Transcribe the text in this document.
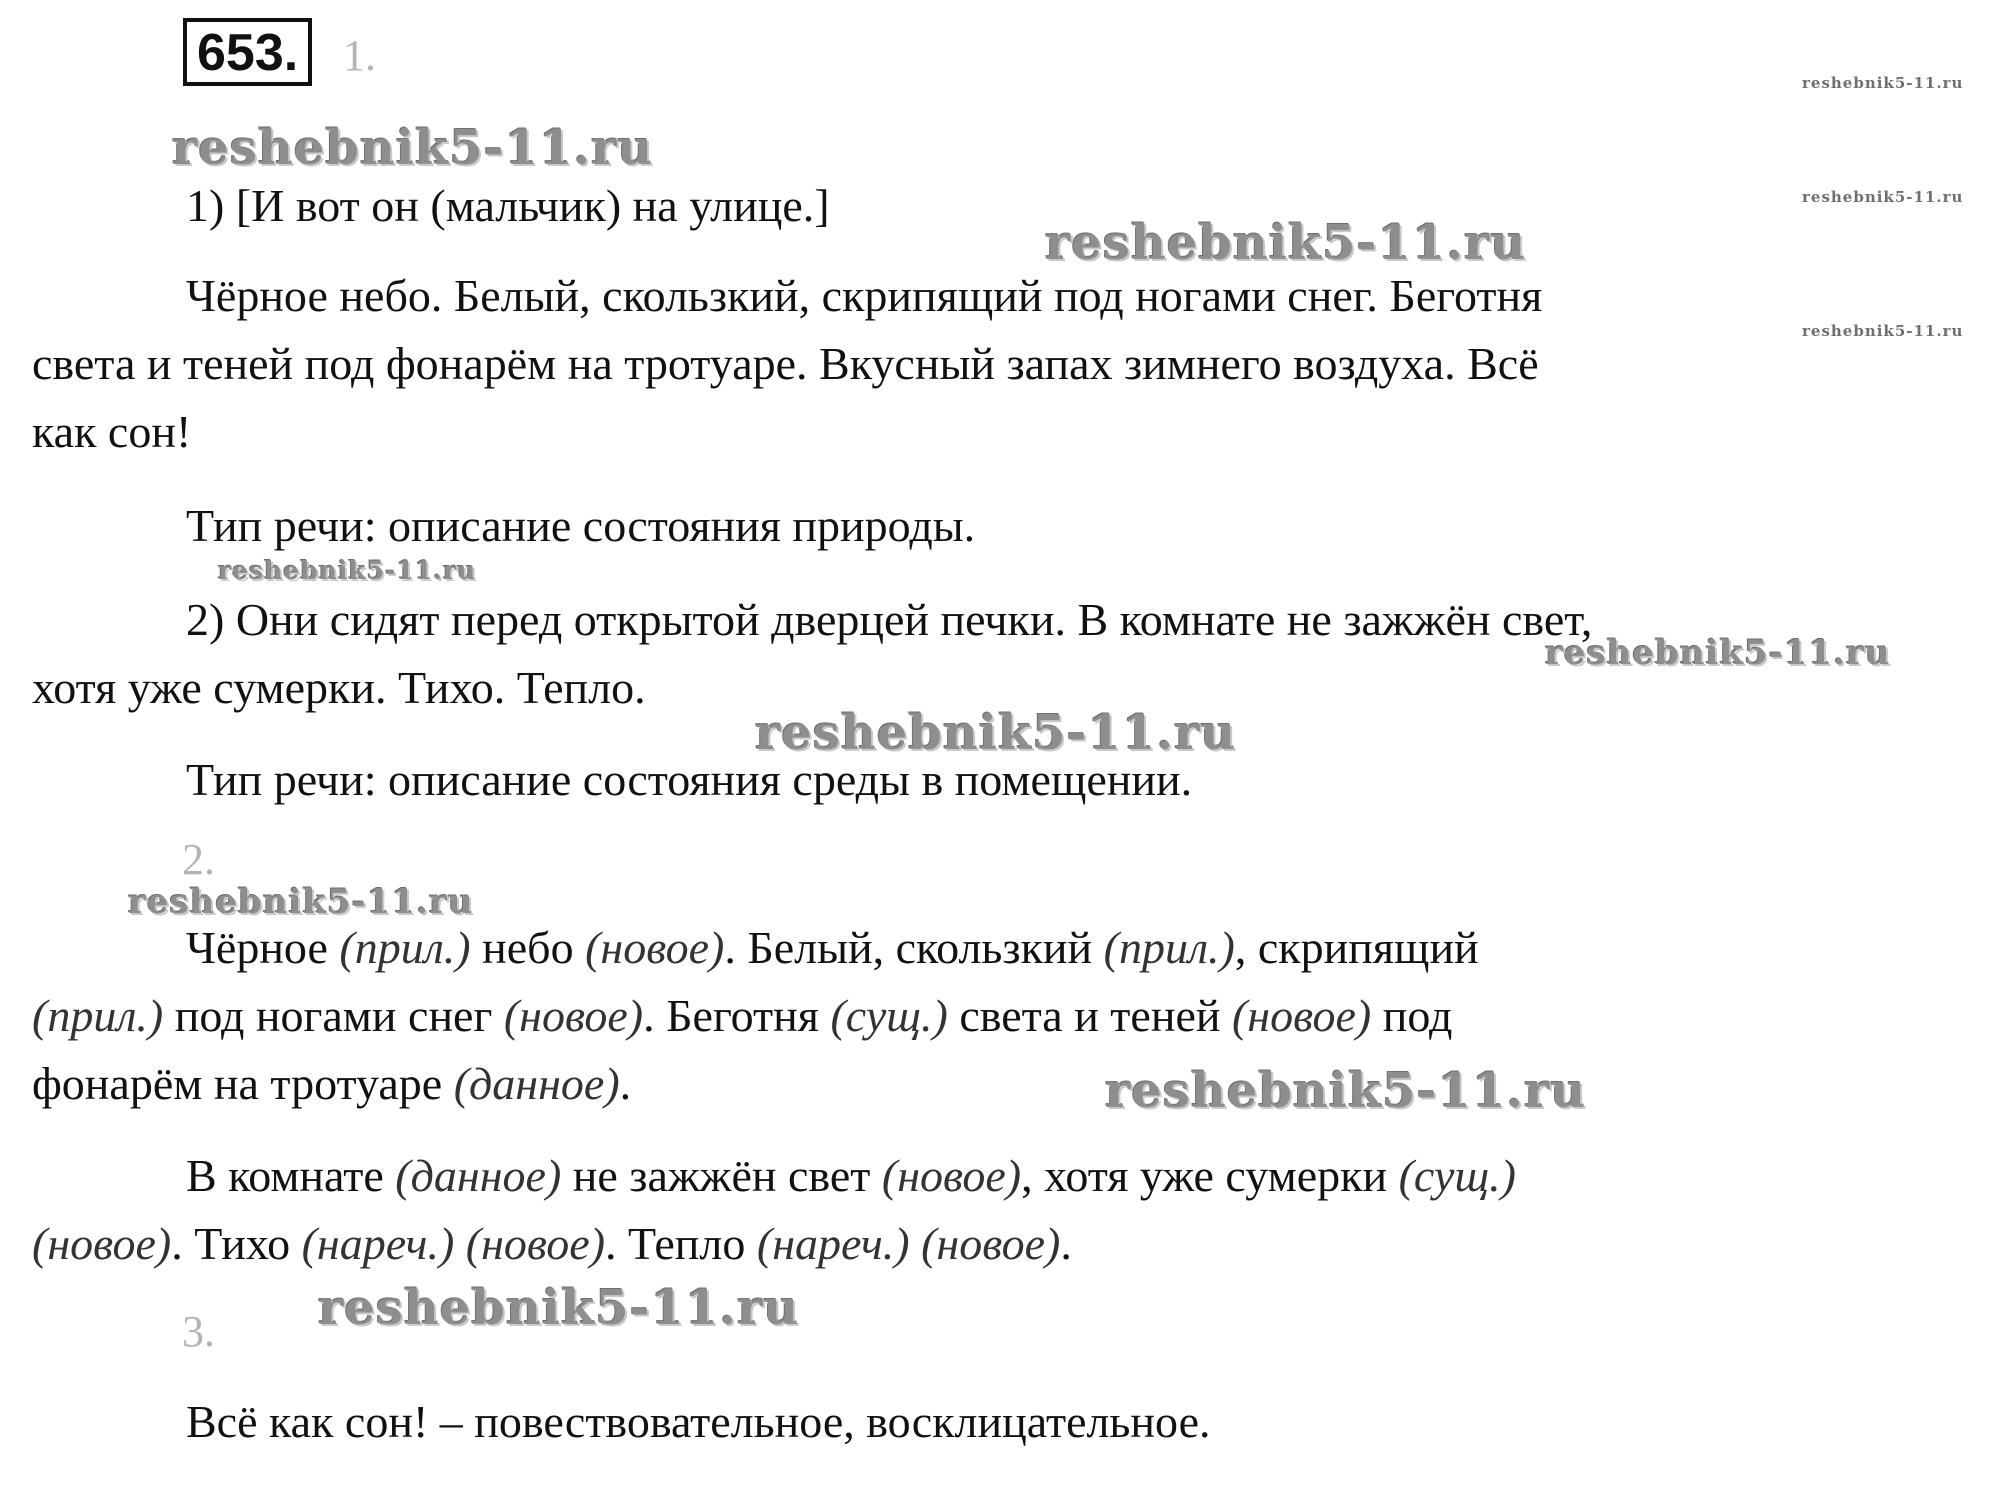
653.	1.
reshebnik5-11.ru
reshebnik5-11.ru
reshebnik5-11.ru
reshebnik5-11.ru
reshebnik5-11.ru
1) [И вот он (мальчик) на улице.]
Чёрное небо. Белый, скользкий, скрипящий под ногами снег. Беготня
света и теней под фонарём на тротуаре. Вкусный запах зимнего воздуха. Всё
как сон!
Тип речи: описание состояния природы.
reshebnik5-11.ru
2) Они сидят перед открытой дверцей печки. В комнате не зажжён свет,
хотя уже сумерки. Тихо. Тепло.
reshebnik5-11.ru
reshebnik5-11.ru
Тип речи: описание состояния среды в помещении.
2.
reshebnik5-11.ru
Чёрное (прил.) небо (новое). Белый, скользкий (прил.), скрипящий
(прил.) под ногами снег (новое). Беготня (сущ.) света и теней (новое) под
фонарём на тротуаре (данное).	reshebnik5-11.ru
В комнате (данное) не зажжён свет (новое), хотя уже сумерки (сущ.)
(новое). Тихо (нареч.) (новое). Тепло (нареч.) (новое).
reshebnik5-11.ru
3.
Всё как сон! – повествовательное, восклицательное.
